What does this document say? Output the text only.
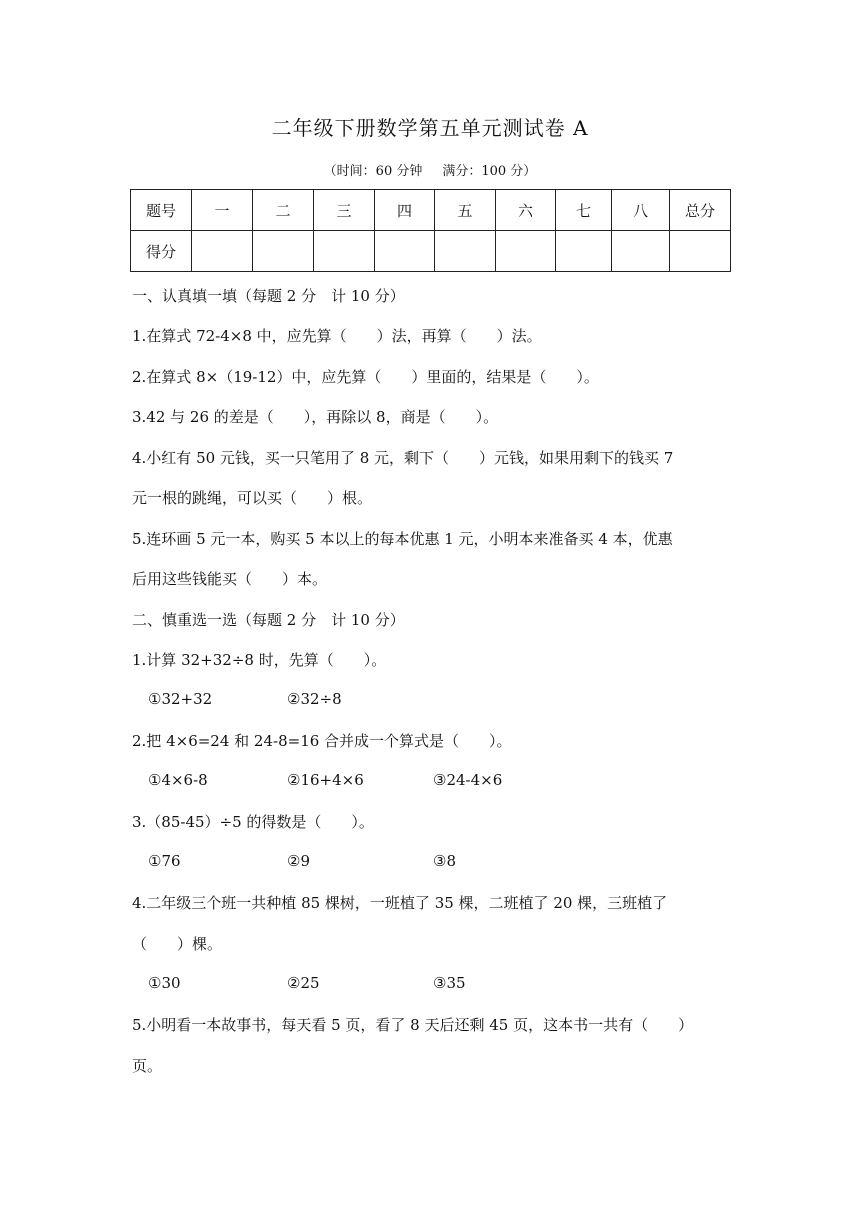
二年级下册数学第五单元测试卷 A
（时间：60 分钟 满分：100 分）
题号	一	二	三	四	五	六	七	八	总分
得分									
一、认真填一填（每题 2 分　计 10 分）
1.在算式 72-4×8 中，应先算（　　）法，再算（　　）法。
2.在算式 8×（19-12）中，应先算（　　）里面的，结果是（　　）。
3.42 与 26 的差是（　　），再除以 8，商是（　　）。
4.小红有 50 元钱，买一只笔用了 8 元，剩下（　　）元钱，如果用剩下的钱买 7
元一根的跳绳，可以买（　　）根。
5.连环画 5 元一本，购买 5 本以上的每本优惠 1 元，小明本来准备买 4 本，优惠
后用这些钱能买（　　）本。
二、慎重选一选（每题 2 分　计 10 分）
1.计算 32+32÷8 时，先算（　　）。
①32+32	②32÷8
2.把 4×6=24 和 24-8=16 合并成一个算式是（　　）。
①4×6-8	②16+4×6	③24-4×6
3.（85-45）÷5 的得数是（　　）。
①76	②9	③8
4.二年级三个班一共种植 85 棵树，一班植了 35 棵，二班植了 20 棵，三班植了
（　　）棵。
①30	②25	③35
5.小明看一本故事书，每天看 5 页，看了 8 天后还剩 45 页，这本书一共有（　　）
页。
